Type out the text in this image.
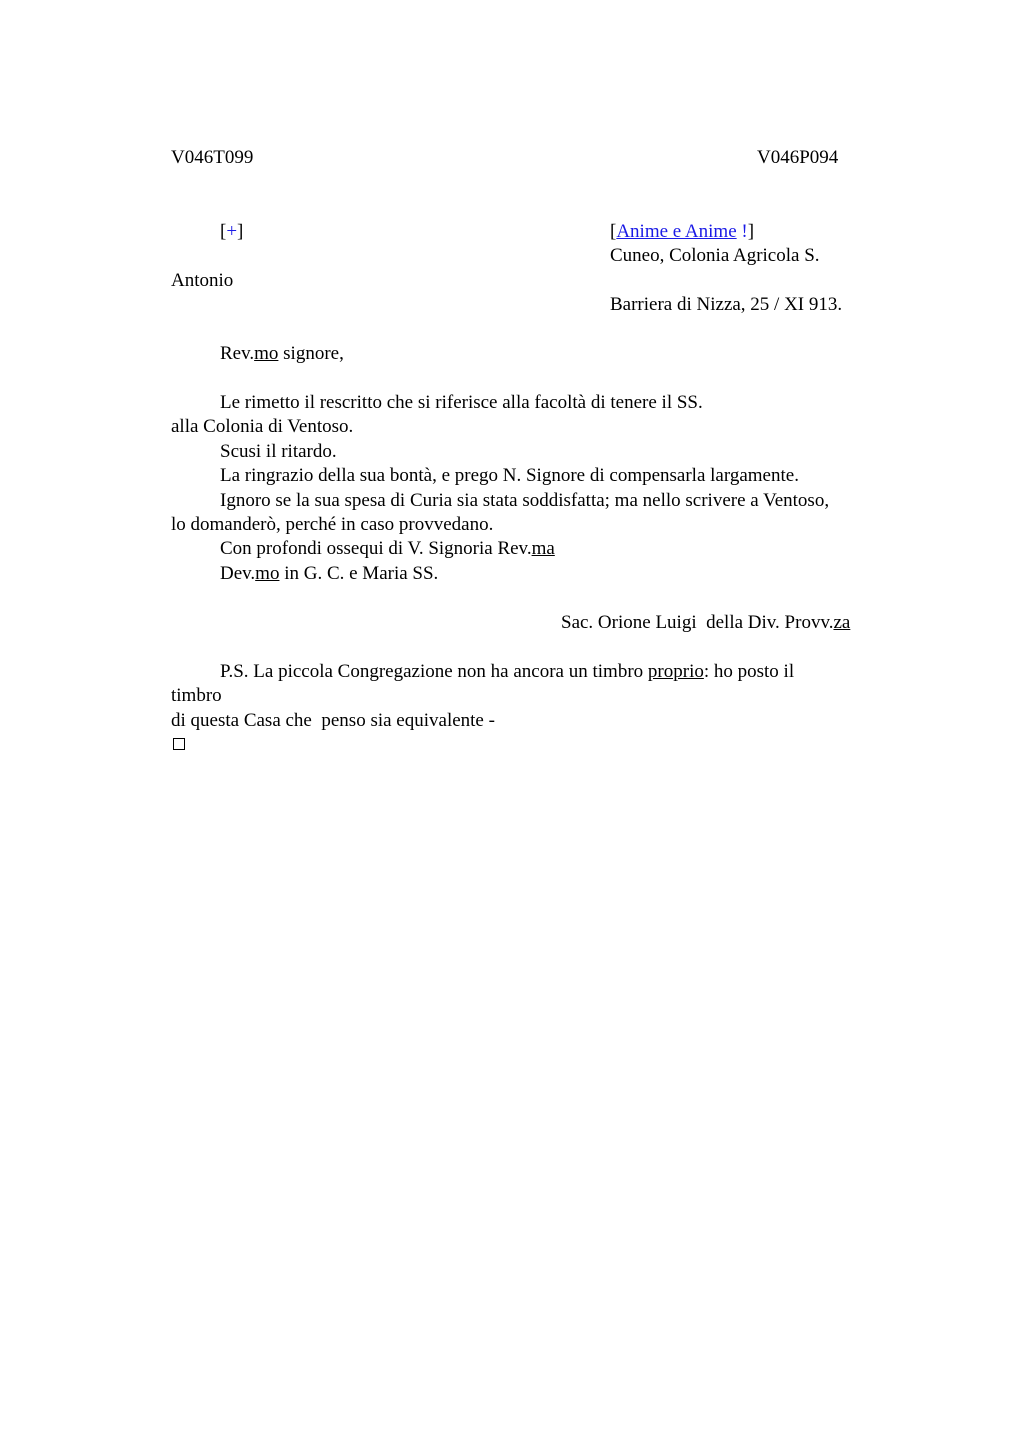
V046T099	V046P094
[+]	[Anime e Anime !]
Cuneo, Colonia Agricola S.
Antonio
Barriera di Nizza, 25 / XI 913.
Rev.mo signore,
Le rimetto il rescritto che si riferisce alla facoltà di tenere il SS.
alla Colonia di Ventoso.
Scusi il ritardo.
La ringrazio della sua bontà, e prego N. Signore di compensarla largamente.
Ignoro se la sua spesa di Curia sia stata soddisfatta; ma nello scrivere a Ventoso,
lo domanderò, perché in caso provvedano.
Con profondi ossequi di V. Signoria Rev.ma
Dev.mo in G. C. e Maria SS.
Sac. Orione Luigi  della Div. Provv.za
P.S. La piccola Congregazione non ha ancora un timbro proprio: ho posto il
timbro
di questa Casa che  penso sia equivalente -
